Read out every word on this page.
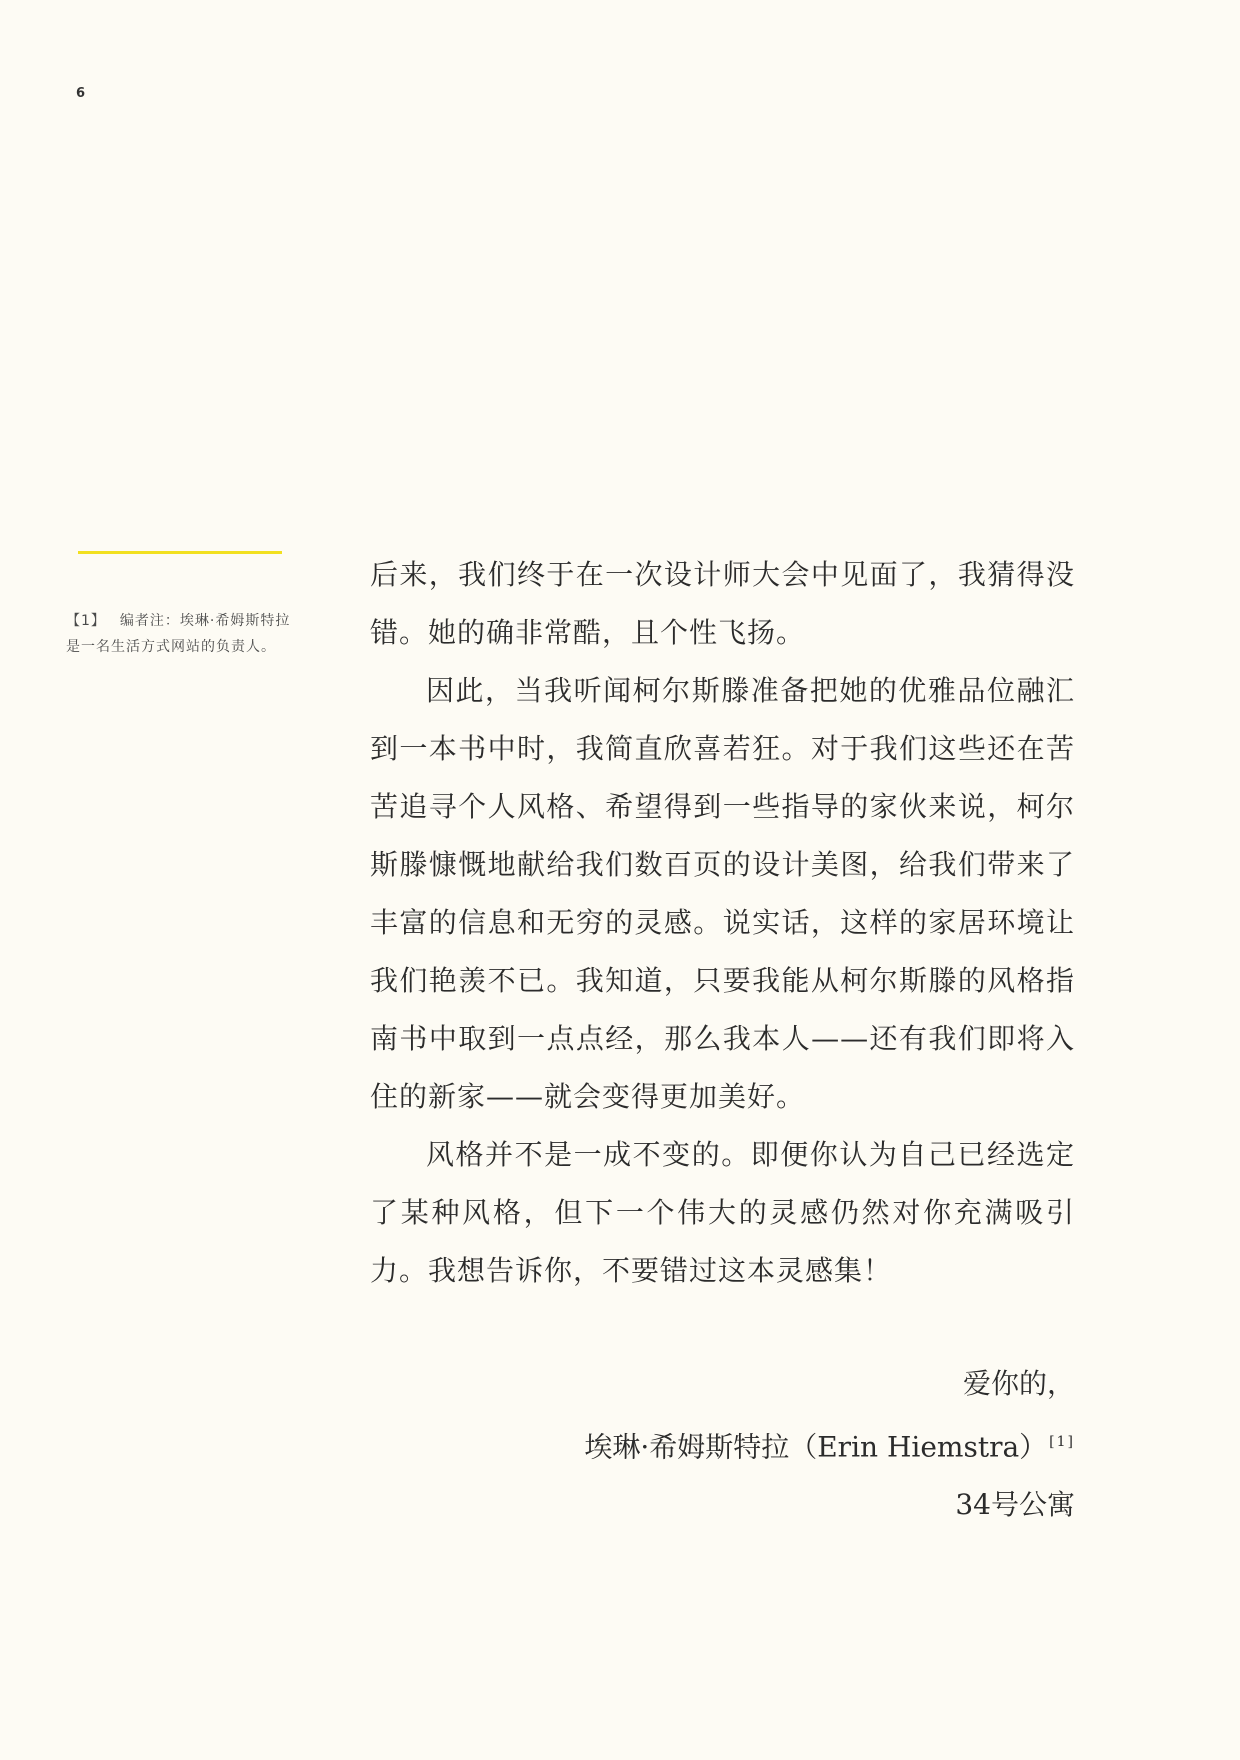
6
【1】 编者注：埃琳·希姆斯特拉是一名生活方式网站的负责人。

后来，我们终于在一次设计师大会中见面了，我猜得没错。她的确非常酷，且个性飞扬。

因此，当我听闻柯尔斯滕准备把她的优雅品位融汇到一本书中时，我简直欣喜若狂。对于我们这些还在苦苦追寻个人风格、希望得到一些指导的家伙来说，柯尔斯滕慷慨地献给我们数百页的设计美图，给我们带来了丰富的信息和无穷的灵感。说实话，这样的家居环境让我们艳羡不已。我知道，只要我能从柯尔斯滕的风格指南书中取到一点点经，那么我本人——还有我们即将入住的新家——就会变得更加美好。

风格并不是一成不变的。即便你认为自己已经选定了某种风格，但下一个伟大的灵感仍然对你充满吸引力。我想告诉你，不要错过这本灵感集！

爱你的，
埃琳·希姆斯特拉（Erin Hiemstra） [1]
34号公寓
